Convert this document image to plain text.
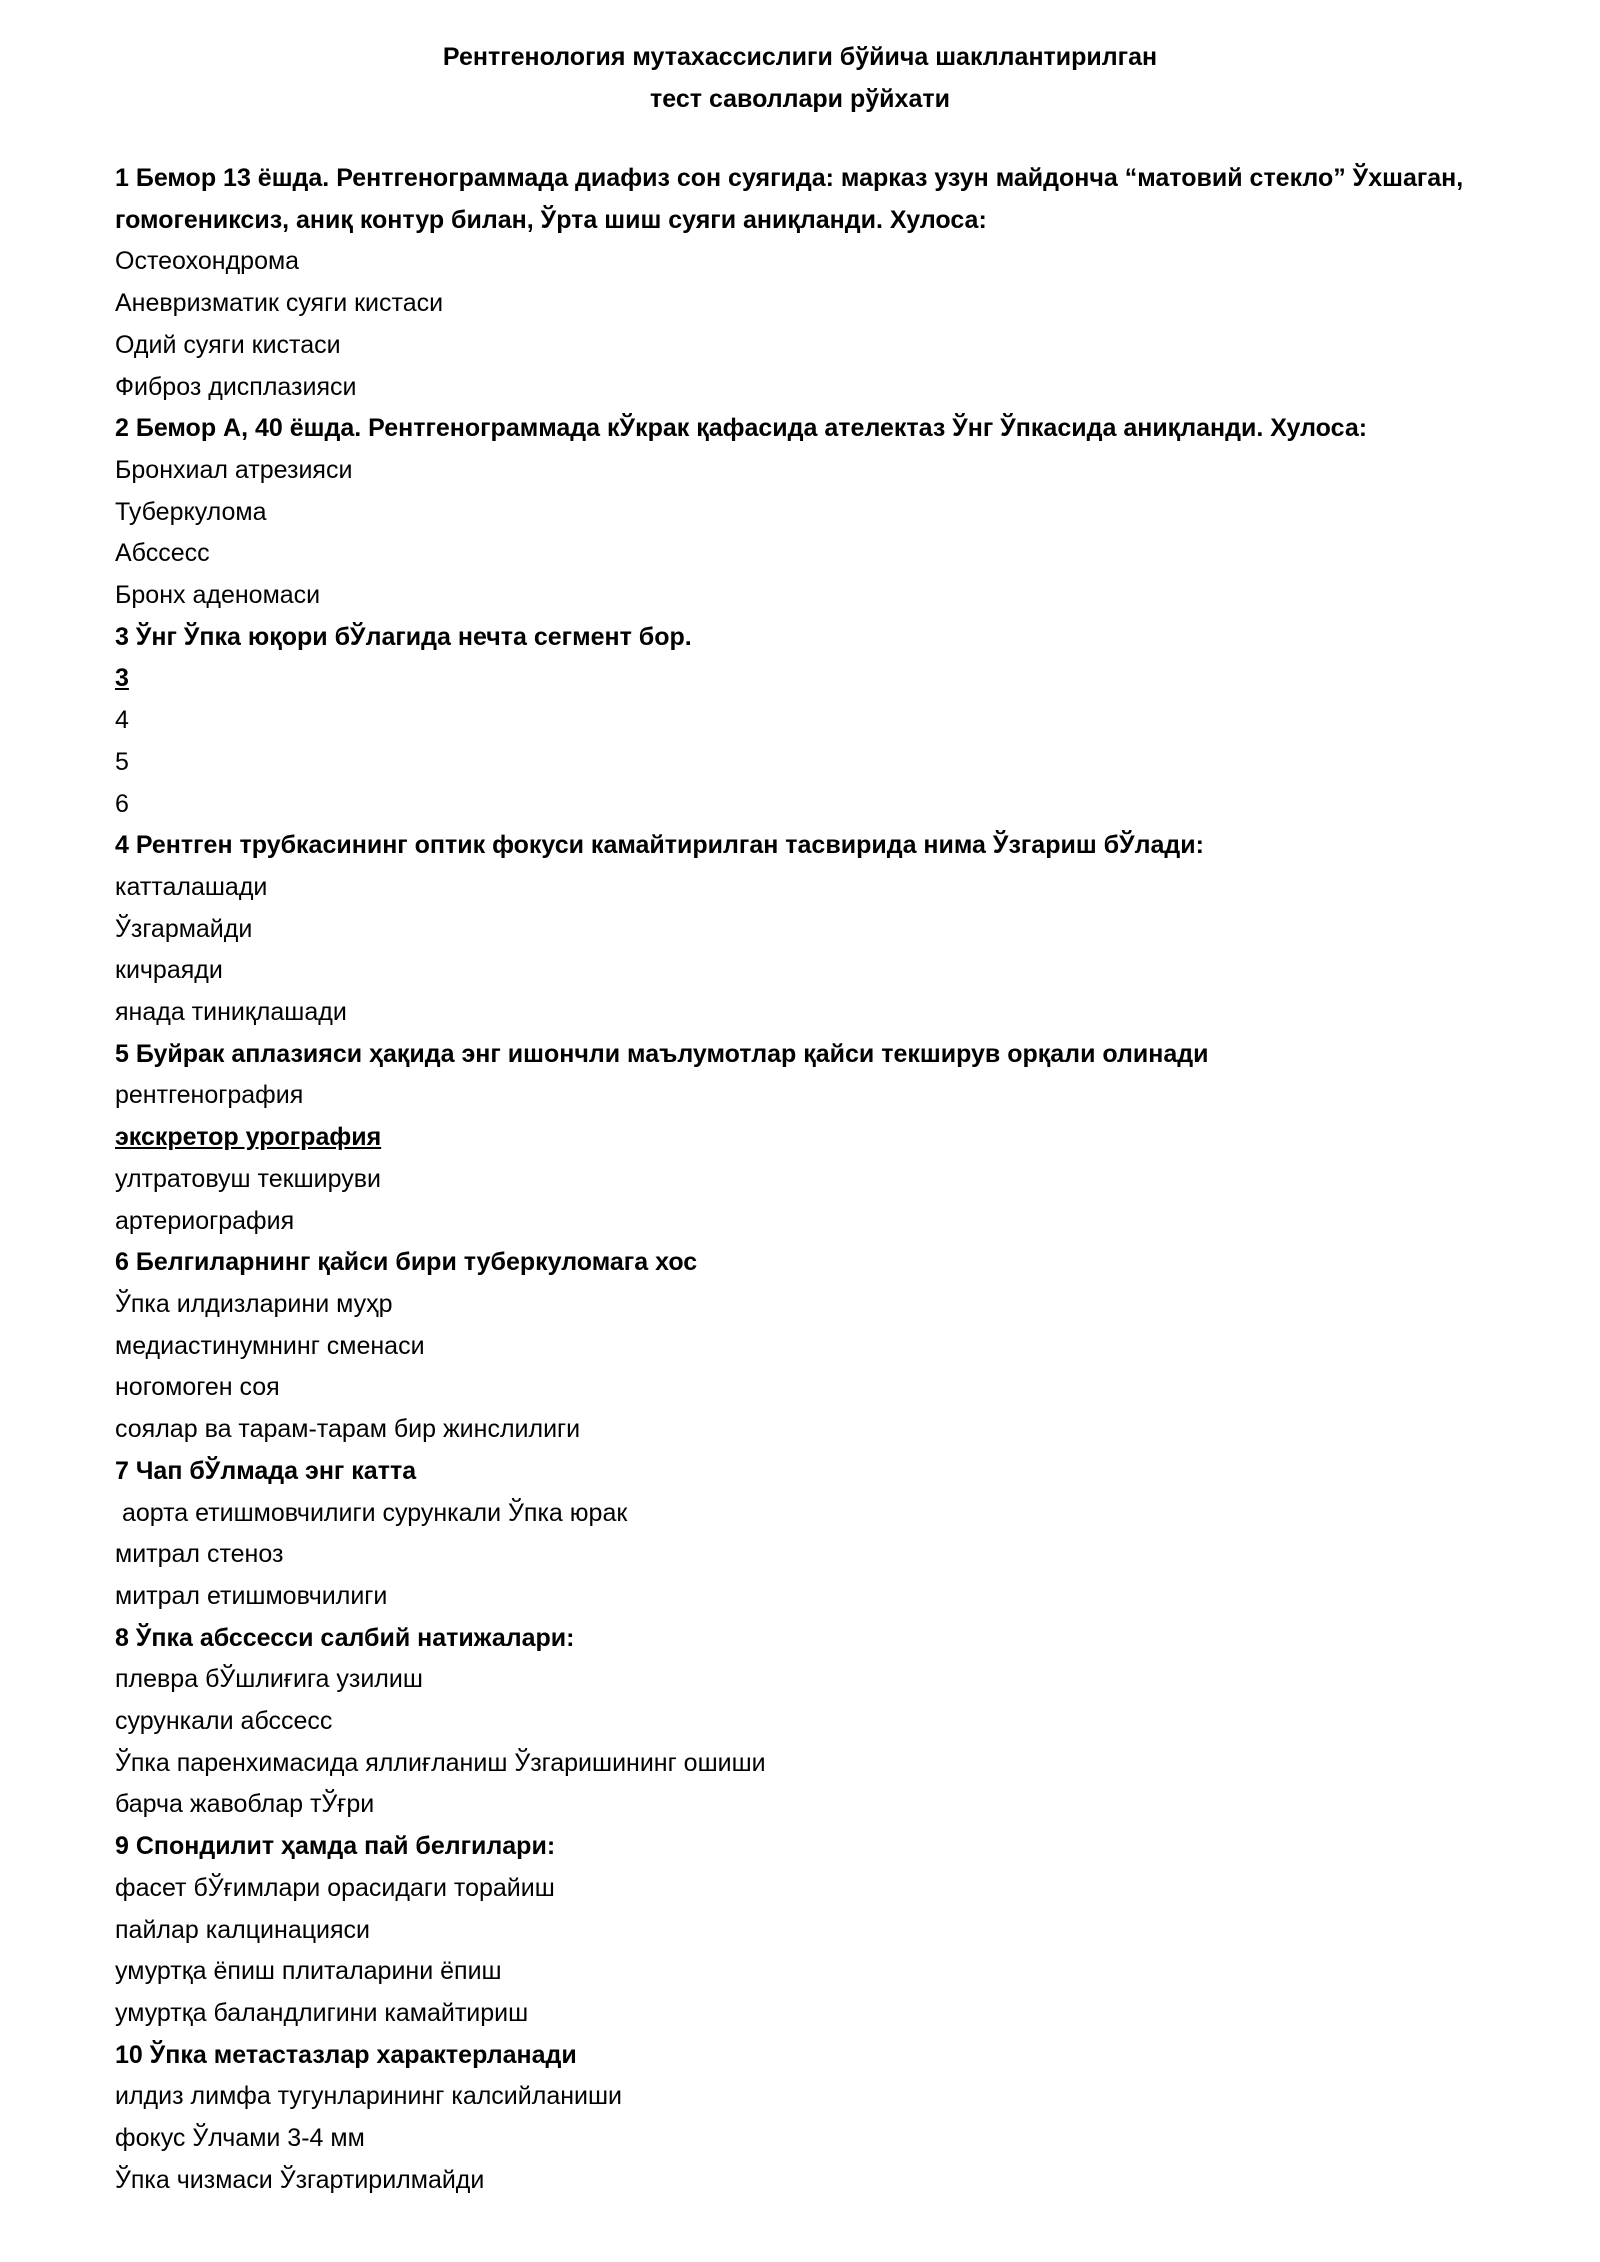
Рентгенология мутахассислиги бўйича шакллантирилган
тест саволлари рўйхати

1 Бемор 13 ёшда. Рентгенограммада диафиз сон суягида: марказ узун майдонча “матовий стекло” Ўхшаган, гомогениксиз, аниқ контур билан, Ўрта шиш суяги аниқланди. Хулоса:

Остеохондрома

Аневризматик суяги кистаси

Одий суяги кистаси

Фиброз дисплазияси

2 Бемор А, 40 ёшда. Рентгенограммада кЎкрак қафасида ателектаз Ўнг Ўпкасида аниқланди. Хулоса:

Бронхиал атрезияси

Туберкулома

Абссесс

Бронх аденомаси

3 Ўнг Ўпка юқори бЎлагида нечта сегмент бор.

3

4

5

6

4 Рентген трубкасининг оптик фокуси камайтирилган тасвирида нима Ўзгариш бЎлади:

катталашади

Ўзгармайди

кичраяди

янада тиниқлашади

5 Буйрак аплазияси ҳақида энг ишончли маълумотлар қайси текширув орқали олинади

рентгенография

экскретор урография

ултратовуш текшируви

артериография

6 Белгиларнинг қайси бири туберкуломага хос

Ўпка илдизларини муҳр

медиастинумнинг сменаси

ногомоген соя

соялар ва тарам-тарам бир жинслилиги

7 Чап бЎлмада энг катта

аорта етишмовчилиги сурункали Ўпка юрак

митрал стеноз

митрал етишмовчилиги

8 Ўпка абссесси салбий натижалари:

плевра бЎшлиғига узилиш

сурункали абссесс

Ўпка паренхимасида яллиғланиш Ўзгаришининг ошиши

барча жавоблар тЎғри

9 Спондилит ҳамда пай белгилари:

фасет бЎғимлари орасидаги торайиш

пайлар калцинацияси

умуртқа ёпиш плиталарини ёпиш

умуртқа баландлигини камайтириш

10 Ўпка метастазлар характерланади

илдиз лимфа тугунларининг калсийланиши

фокус Ўлчами 3-4 мм

Ўпка чизмаси Ўзгартирилмайди
